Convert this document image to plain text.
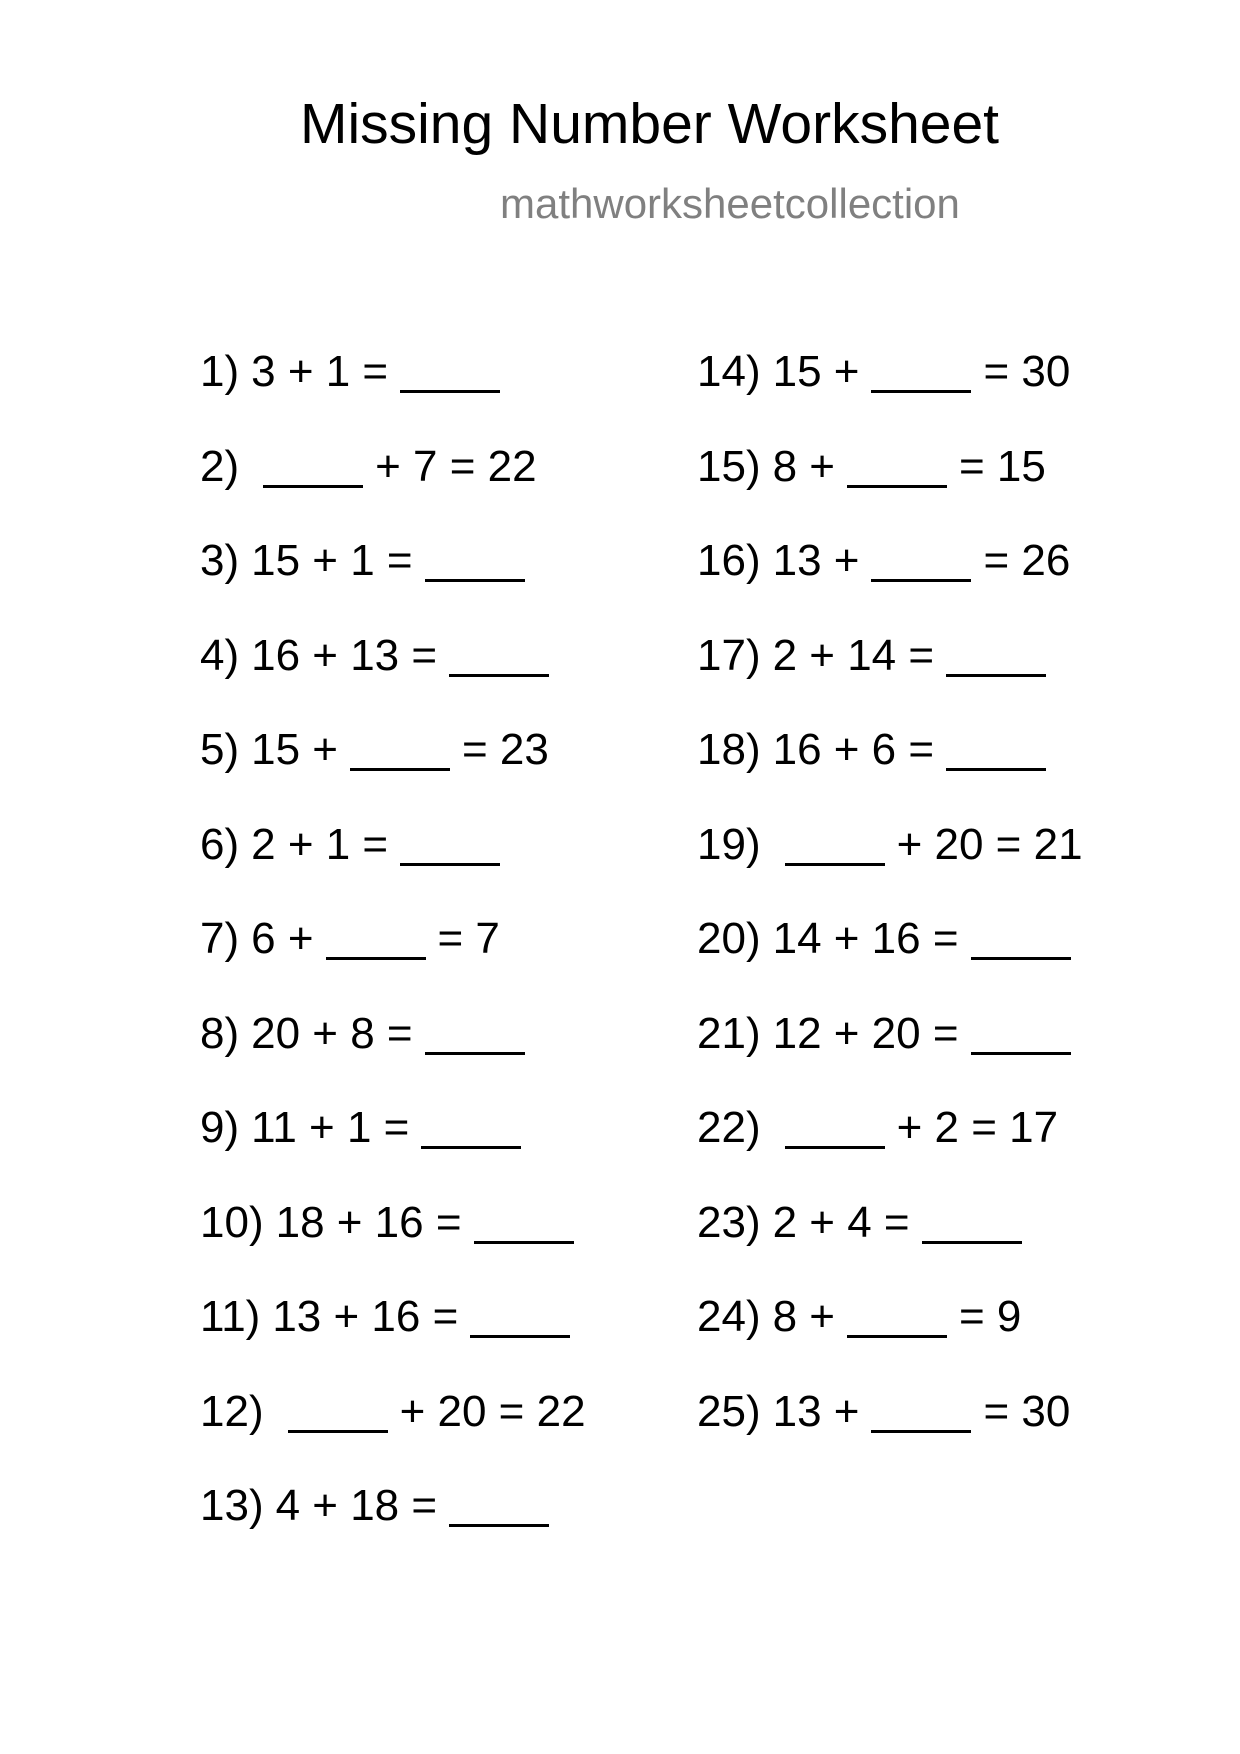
Missing Number Worksheet
mathworksheetcollection
1) 3 + 1 =
2)	+ 7 = 22
3) 15 + 1 =
4) 16 + 13 =
5) 15 +	= 23
6) 2 + 1 =
7) 6 +	= 7
8) 20 + 8 =
9) 11 + 1 =
10) 18 + 16 =
11) 13 + 16 =
12)	+ 20 = 22
13) 4 + 18 =
14) 15 +	= 30
15) 8 +	= 15
16) 13 +	= 26
17) 2 + 14 =
18) 16 + 6 =
19)	+ 20 = 21
20) 14 + 16 =
21) 12 + 20 =
22)	+ 2 = 17
23) 2 + 4 =
24) 8 +	= 9
25) 13 +	= 30
